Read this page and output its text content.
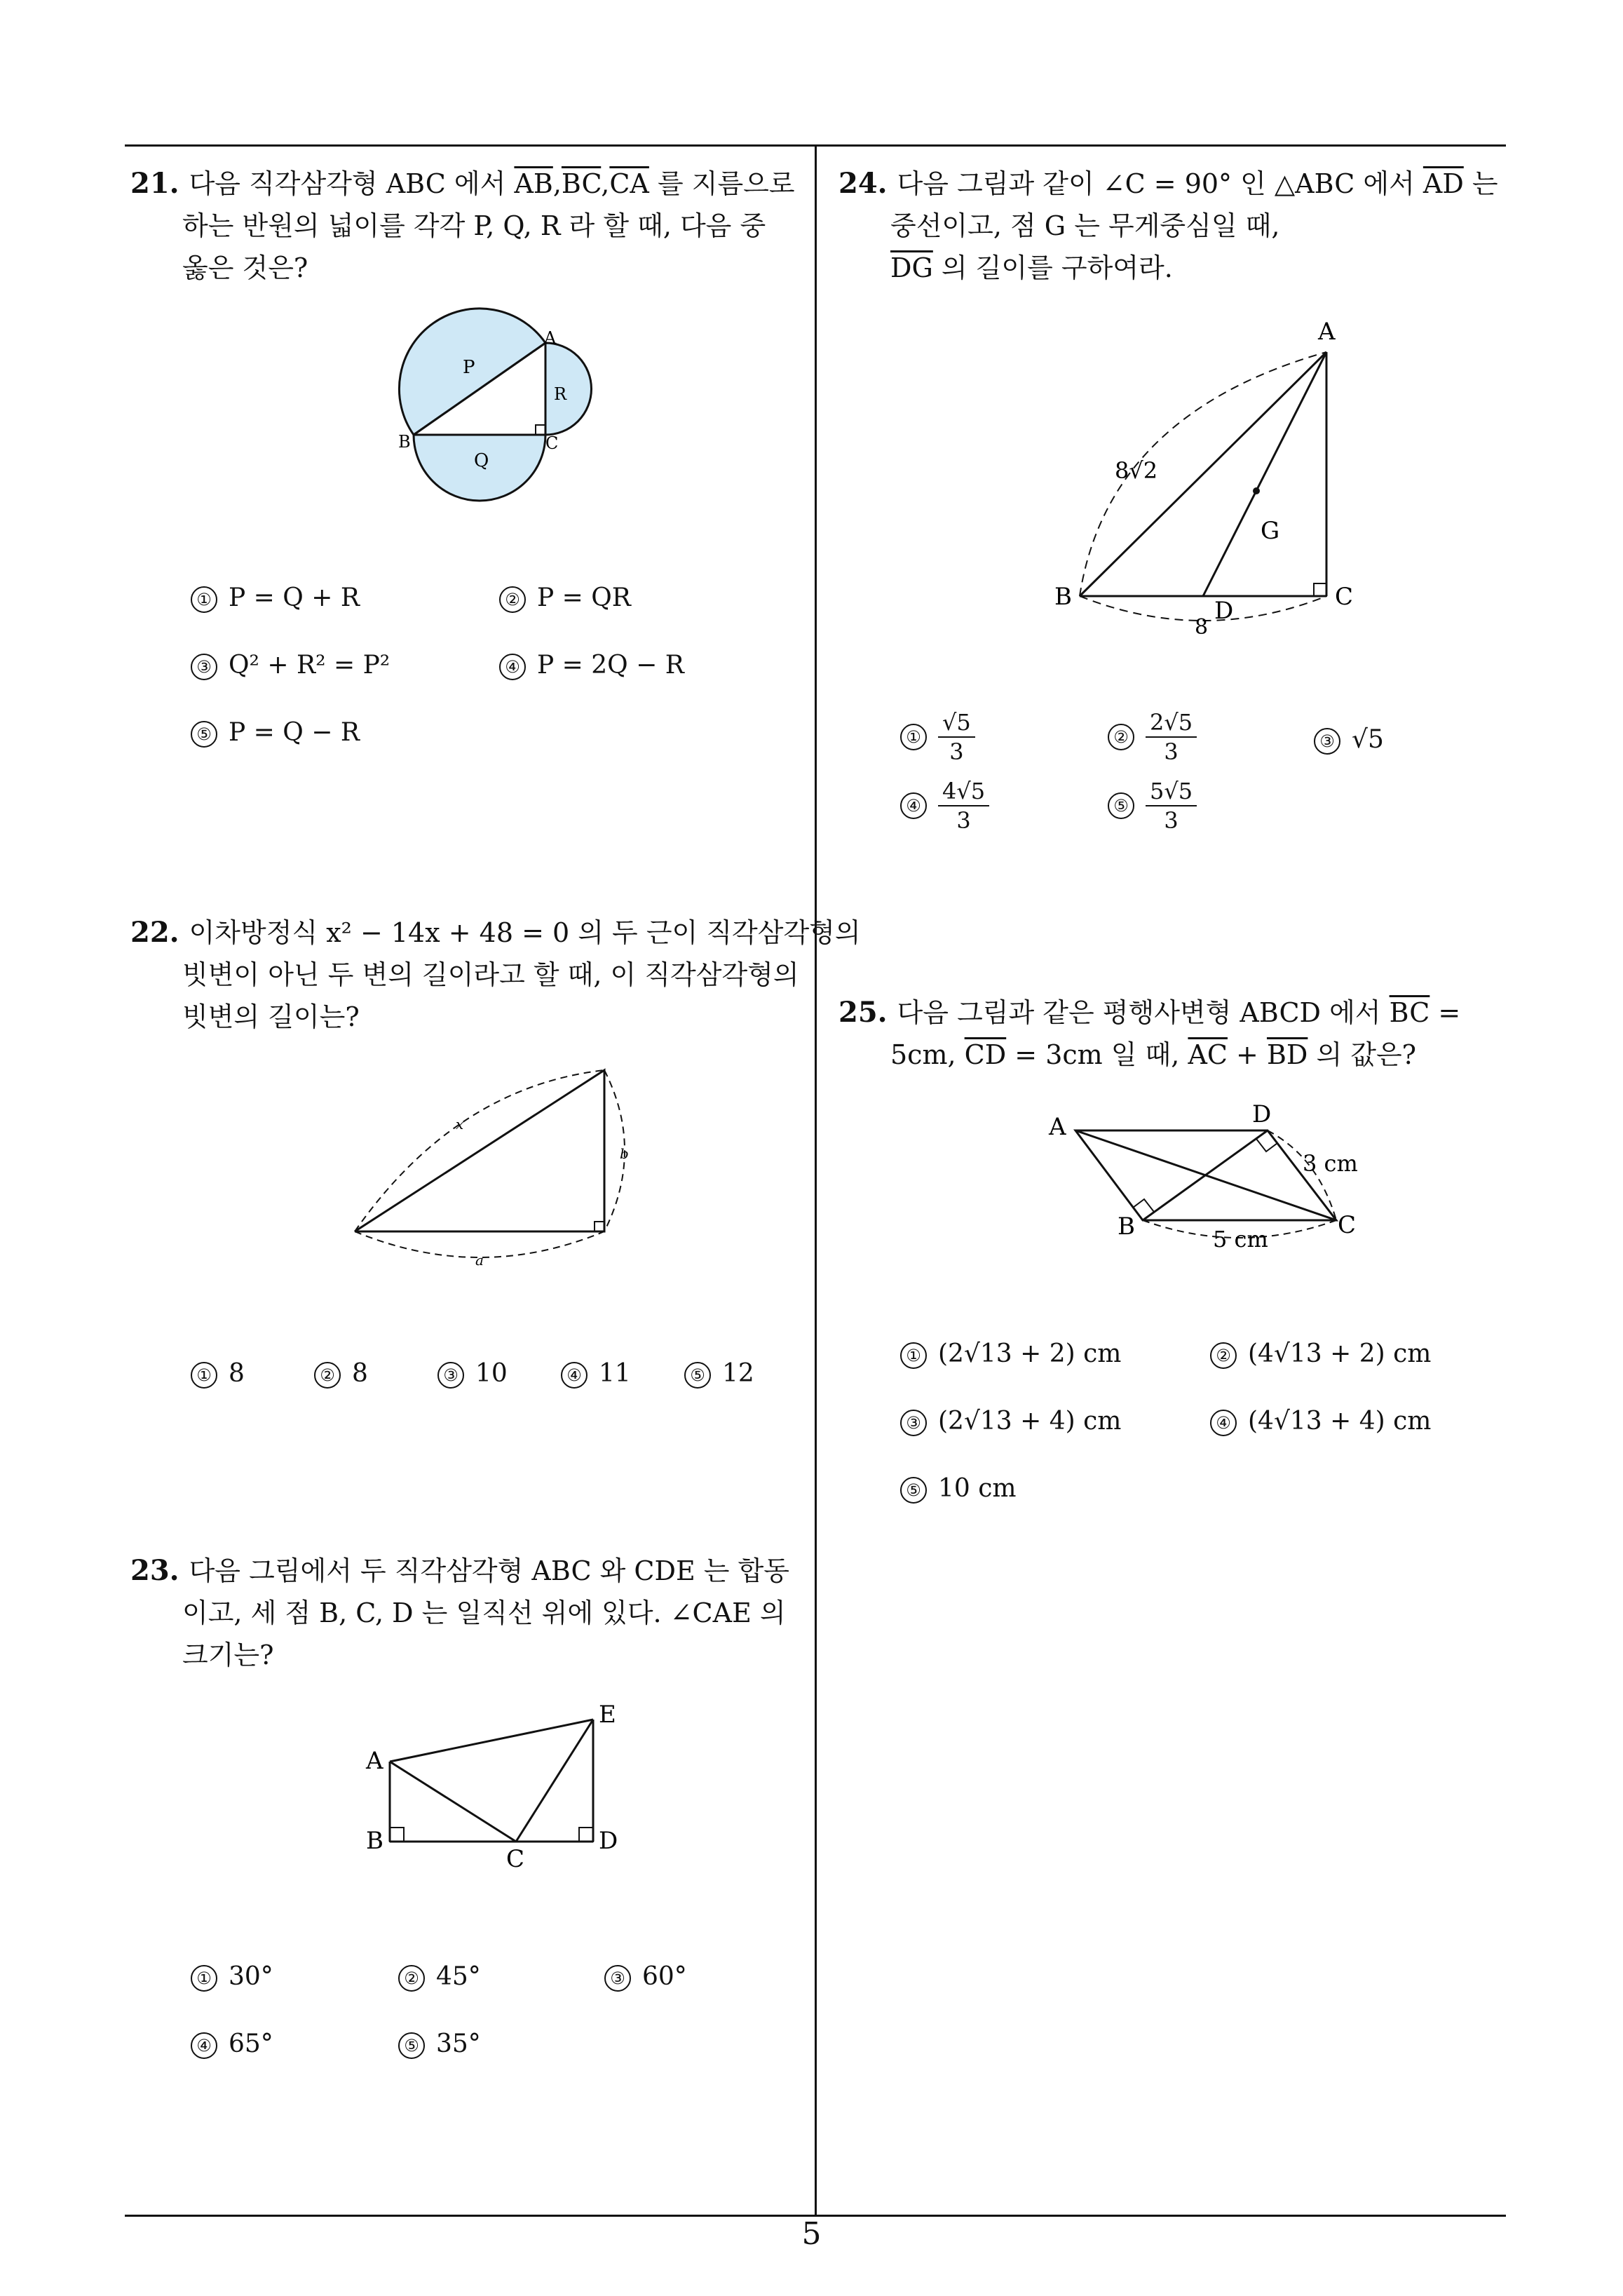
21. 다음 직각삼각형 ABC 에서 $\overline{AB},\overline{BC},\overline{CA}$ 를 지름으로
하는 반원의 넓이를 각각 P, Q, R 라 할 때, 다음 중
옳은 것은?
P
Q
R
A
B	C
① P = Q + R	② P = QR
③ Q² + R² = P²	④ P = 2Q − R
⑤ P = Q − R
22. 이차방정식 x² − 14x + 48 = 0 의 두 근이 직각삼각형의
빗변이 아닌 두 변의 길이라고 할 때, 이 직각삼각형의
빗변의 길이는?
x
b
a
① 8	② 8	③ 10	④ 11	⑤ 12
23. 다음 그림에서 두 직각삼각형 ABC 와 CDE 는 합동
이고, 세 점 B, C, D 는 일직선 위에 있다. ∠CAE 의
크기는?
A
B
C
D
E
① 30°	② 45°	③ 60°
④ 65°	⑤ 35°
24. 다음 그림과 같이 ∠C = 90° 인 △ABC 에서 $\overline{AD}$ 는
중선이고, 점 G 는 무게중심일 때,
$\overline{DG}$ 의 길이를 구하여라.
A
B	C
D
G
8√2
8
① $\frac{√5}{3}$	② $\frac{2√5}{3}$	③ √5
④ $\frac{4√5}{3}$	⑤ $\frac{5√5}{3}$
25. 다음 그림과 같은 평행사변형 ABCD 에서 $\overline{BC}$ =
5cm, $\overline{CD} = 3cm$ 일 때, $\overline{AC} + \overline{BD}$ 의 값은?
A
B	C
D
3 cm
5 cm
① (2√13 + 2) cm	② (4√13 + 2) cm
③ (2√13 + 4) cm	④ (4√13 + 4) cm
⑤ 10 cm
5
